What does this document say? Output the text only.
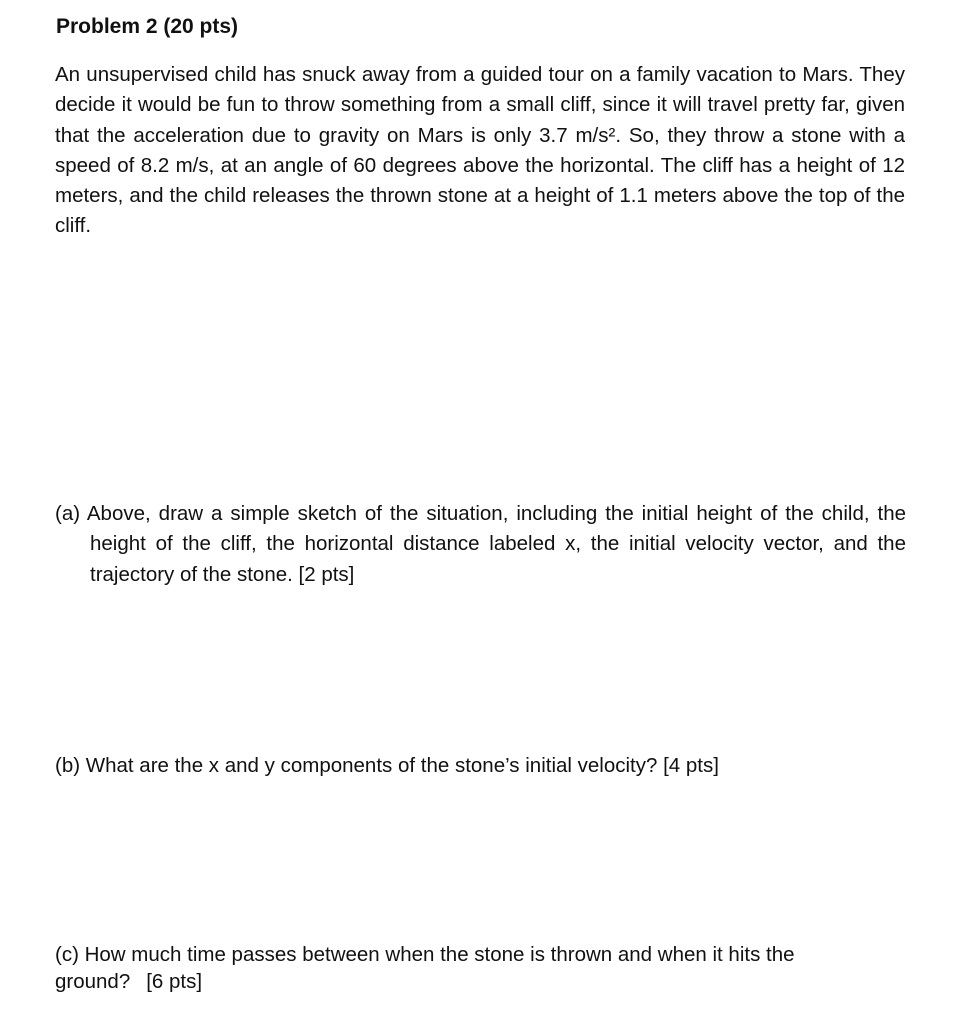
Problem 2 (20 pts)

An unsupervised child has snuck away from a guided tour on a family vacation to Mars. They decide it would be fun to throw something from a small cliff, since it will travel pretty far, given that the acceleration due to gravity on Mars is only 3.7 m/s². So, they throw a stone with a speed of 8.2 m/s, at an angle of 60 degrees above the horizontal. The cliff has a height of 12 meters, and the child releases the thrown stone at a height of 1.1 meters above the top of the cliff.

(a) Above, draw a simple sketch of the situation, including the initial height of the child, the height of the cliff, the horizontal distance labeled x, the initial velocity vector, and the trajectory of the stone. [2 pts]

(b) What are the x and y components of the stone’s initial velocity? [4 pts]

(c) How much time passes between when the stone is thrown and when it hits the
ground? [6 pts]
